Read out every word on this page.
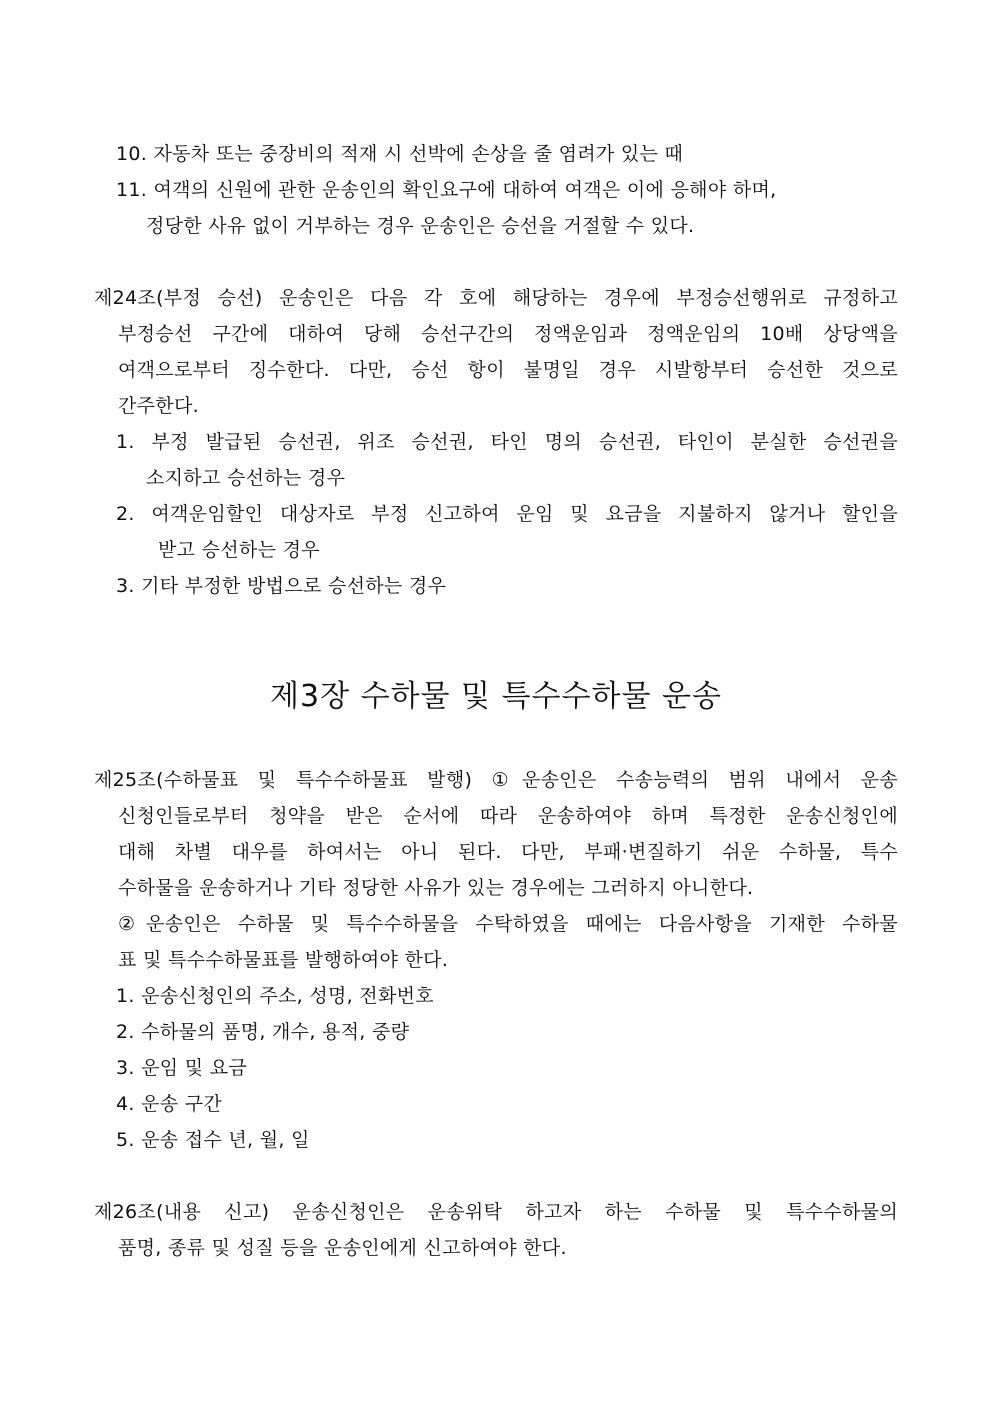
10. 자동차 또는 중장비의 적재 시 선박에 손상을 줄 염려가 있는 때
11. 여객의 신원에 관한 운송인의 확인요구에 대하여 여객은 이에 응해야 하며,
정당한 사유 없이 거부하는 경우 운송인은 승선을 거절할 수 있다.
제24조(부정 승선) 운송인은 다음 각 호에 해당하는 경우에 부정승선행위로 규정하고
부정승선 구간에 대하여 당해 승선구간의 정액운임과 정액운임의 10배 상당액을
여객으로부터 징수한다. 다만, 승선 항이 불명일 경우 시발항부터 승선한 것으로
간주한다.
1. 부정 발급된 승선권, 위조 승선권, 타인 명의 승선권, 타인이 분실한 승선권을
소지하고 승선하는 경우
2. 여객운임할인 대상자로 부정 신고하여 운임 및 요금을 지불하지 않거나 할인을
받고 승선하는 경우
3. 기타 부정한 방법으로 승선하는 경우
제3장 수하물 및 특수수하물 운송
제25조(수하물표 및 특수수하물표 발행) ①운송인은 수송능력의 범위 내에서 운송
신청인들로부터 청약을 받은 순서에 따라 운송하여야 하며 특정한 운송신청인에
대해 차별 대우를 하여서는 아니 된다. 다만, 부패·변질하기 쉬운 수하물, 특수
수하물을 운송하거나 기타 정당한 사유가 있는 경우에는 그러하지 아니한다.
②운송인은 수하물 및 특수수하물을 수탁하였을 때에는 다음사항을 기재한 수하물
표 및 특수수하물표를 발행하여야 한다.
1. 운송신청인의 주소, 성명, 전화번호
2. 수하물의 품명, 개수, 용적, 중량
3. 운임 및 요금
4. 운송 구간
5. 운송 접수 년, 월, 일
제26조(내용 신고) 운송신청인은 운송위탁 하고자 하는 수하물 및 특수수하물의
품명, 종류 및 성질 등을 운송인에게 신고하여야 한다.
